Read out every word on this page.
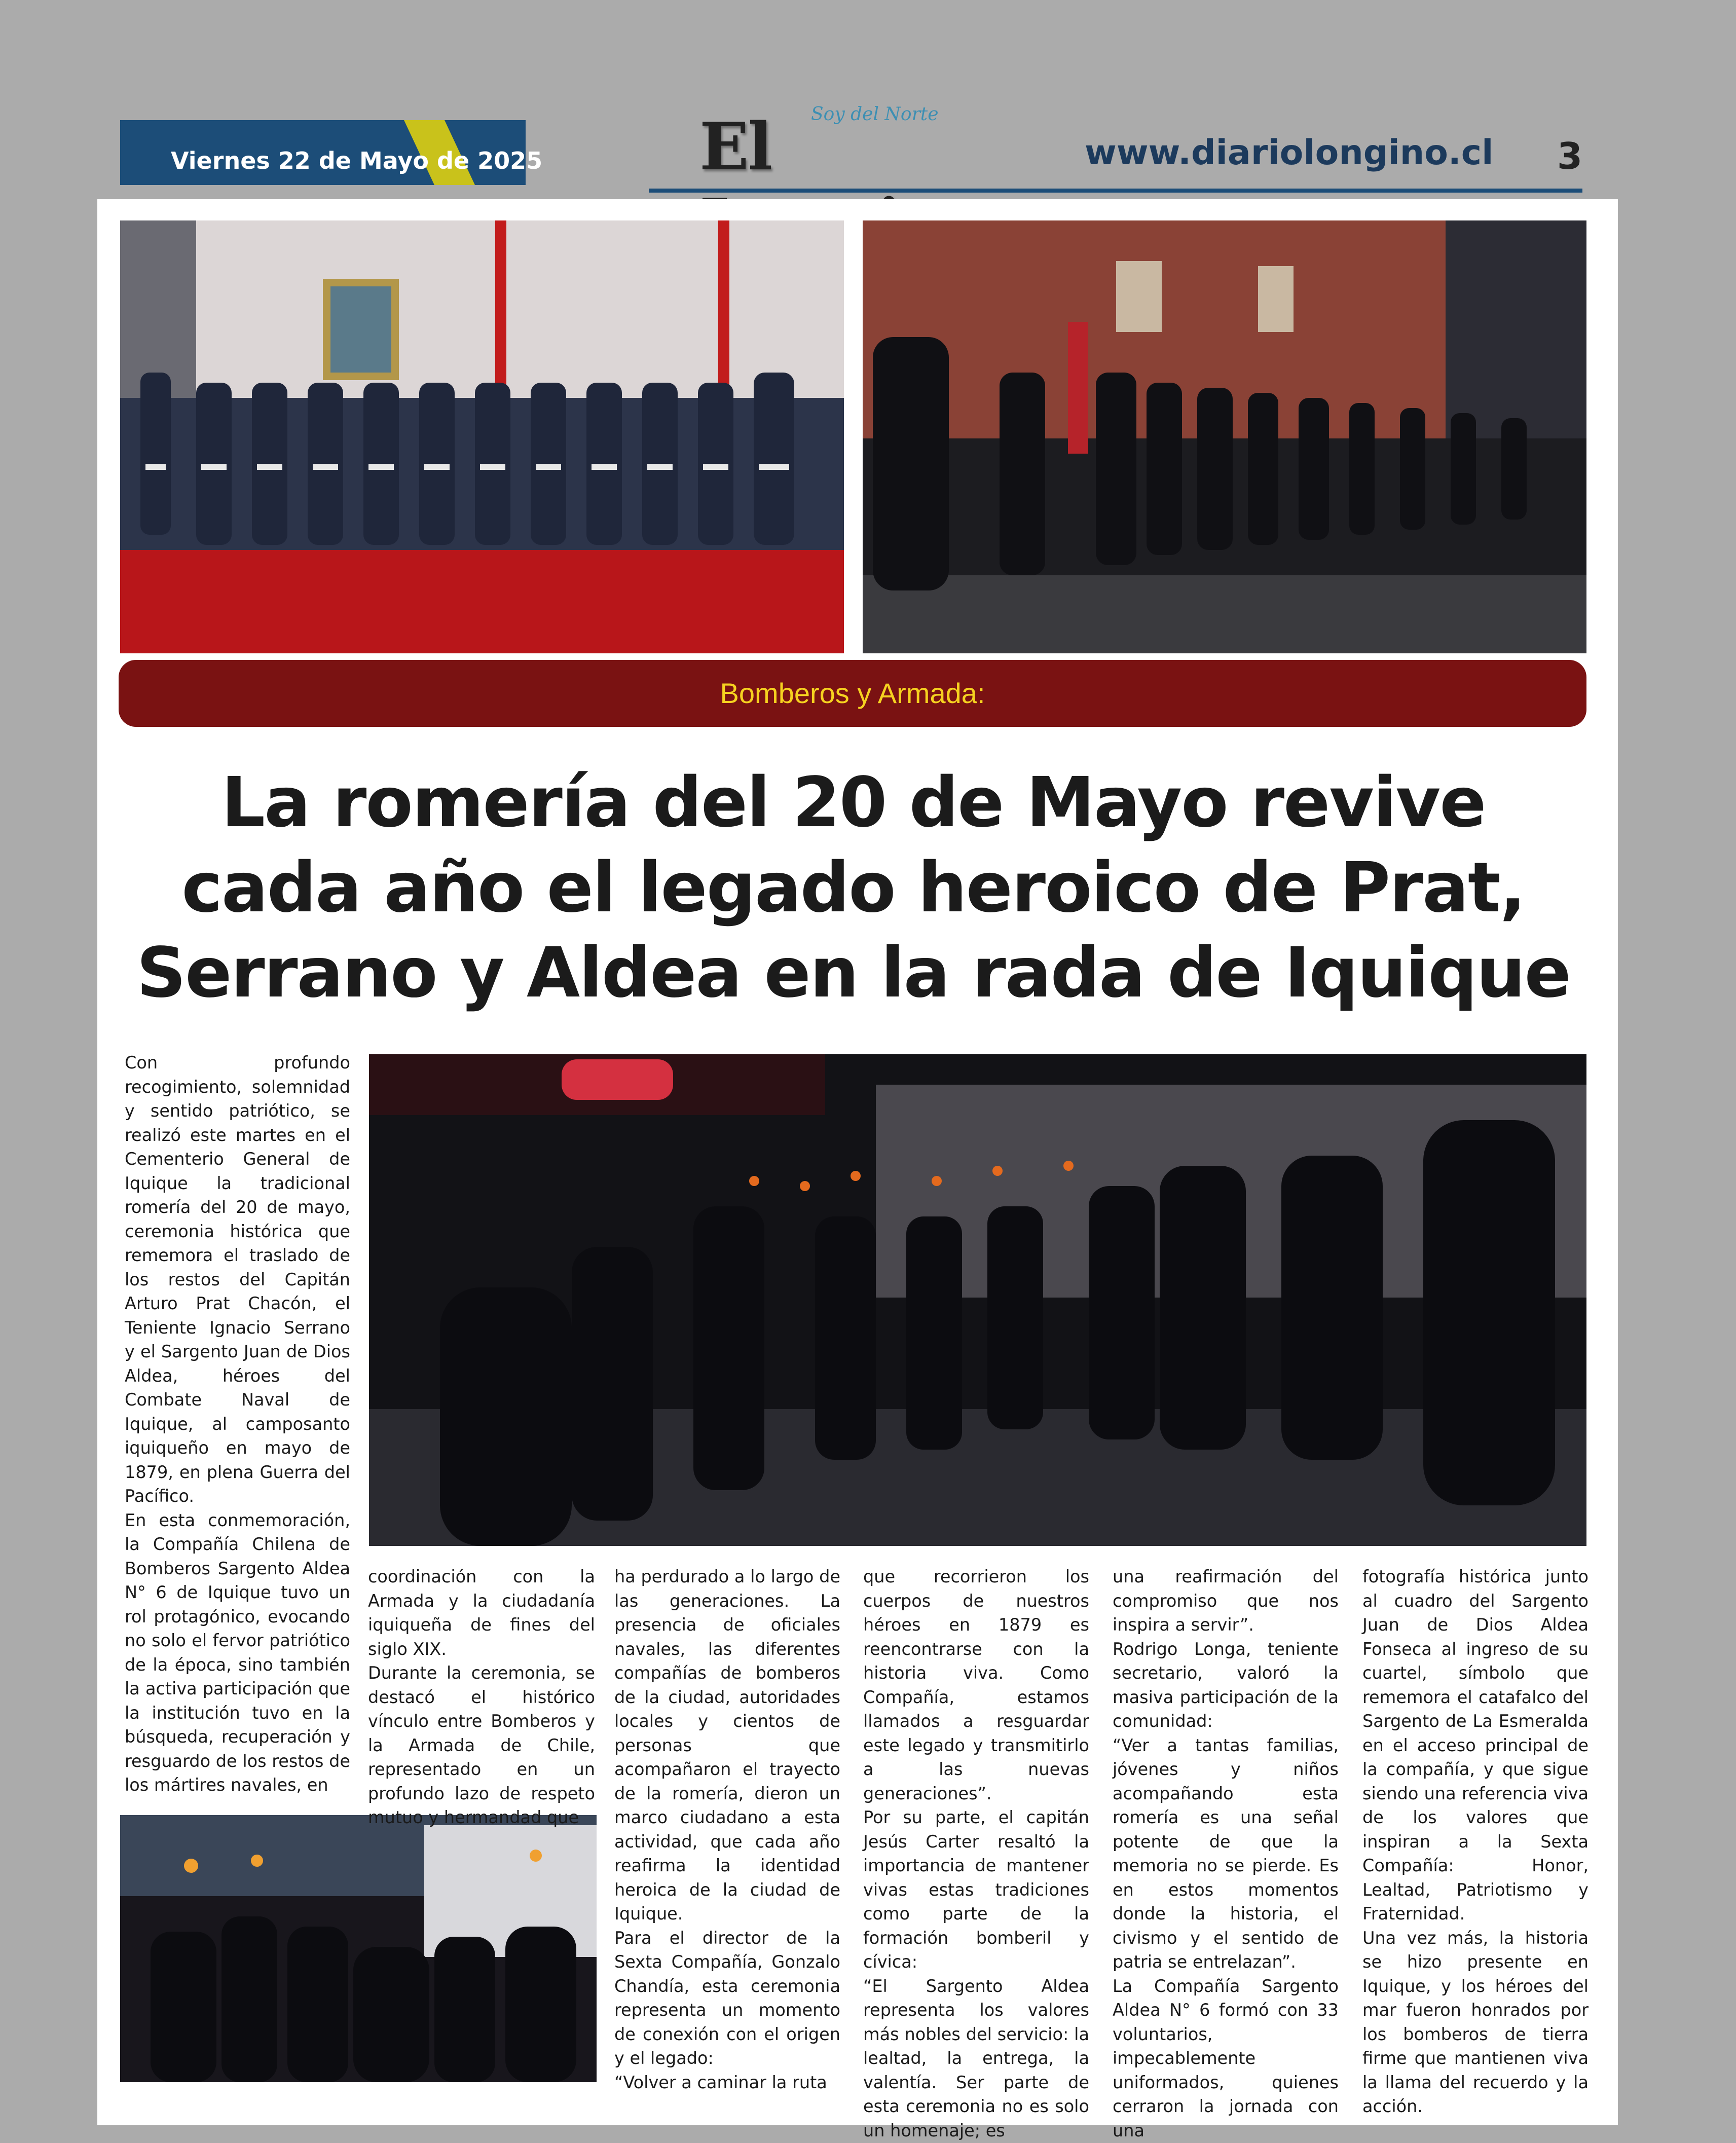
Viernes 22 de Mayo de 2025
Soy del Norte
El	www.diariolongino.cl 3
Bomberos y Armada:
La romería del 20 de Mayo revive
cada año el legado heroico de Prat,
Serrano y Aldea en la rada de Iquique

Con profundo recogimiento, solemnidad y sentido patriótico, se realizó este martes en el Cementerio General de Iquique la tradicional romería del 20 de mayo, ceremonia histórica que rememora el traslado de los restos del Capitán Arturo Prat Chacón, el Teniente Ignacio Serrano y el Sargento Juan de Dios Aldea, héroes del Combate Naval de Iquique, al camposanto iquiqueño en mayo de 1879, en plena Guerra del Pacífico.

En esta conmemoración, la Compañía Chilena de Bomberos Sargento Aldea N° 6 de Iquique tuvo un rol protagónico, evocando no solo el fervor patriótico de la época, sino también la activa participación que la institución tuvo en la búsqueda, recuperación y resguardo de los restos de los mártires navales, en

coordinación con la Armada y la ciudadanía iquiqueña de fines del siglo XIX.

Durante la ceremonia, se destacó el histórico vínculo entre Bomberos y la Armada de Chile, representado en un profundo lazo de respeto mutuo y hermandad que

ha perdurado a lo largo de las generaciones. La presencia de oficiales navales, las diferentes compañías de bomberos de la ciudad, autoridades locales y cientos de personas que acompañaron el trayecto de la romería, dieron un marco ciudadano a esta actividad, que cada año reafirma la identidad heroica de la ciudad de Iquique.

Para el director de la Sexta Compañía, Gonzalo Chandía, esta ceremonia representa un momento de conexión con el origen y el legado:

“Volver a caminar la ruta

que recorrieron los cuerpos de nuestros héroes en 1879 es reencontrarse con la historia viva. Como Compañía, estamos llamados a resguardar este legado y transmitirlo a las nuevas generaciones”.

Por su parte, el capitán Jesús Carter resaltó la importancia de mantener vivas estas tradiciones como parte de la formación bomberil y cívica:

“El Sargento Aldea representa los valores más nobles del servicio: la lealtad, la entrega, la valentía. Ser parte de esta ceremonia no es solo un homenaje; es

una reafirmación del compromiso que nos inspira a servir”.

Rodrigo Longa, teniente secretario, valoró la masiva participación de la comunidad:

“Ver a tantas familias, jóvenes y niños acompañando esta romería es una señal potente de que la memoria no se pierde. Es en estos momentos donde la historia, el civismo y el sentido de patria se entrelazan”.

La Compañía Sargento Aldea N° 6 formó con 33 voluntarios, impecablemente uniformados, quienes cerraron la jornada con una

fotografía histórica junto al cuadro del Sargento Juan de Dios Aldea Fonseca al ingreso de su cuartel, símbolo que rememora el catafalco del Sargento de La Esmeralda en el acceso principal de la compañía, y que sigue siendo una referencia viva de los valores que inspiran a la Sexta Compañía: Honor, Lealtad, Patriotismo y Fraternidad.

Una vez más, la historia se hizo presente en Iquique, y los héroes del mar fueron honrados por los bomberos de tierra firme que mantienen viva la llama del recuerdo y la acción.
